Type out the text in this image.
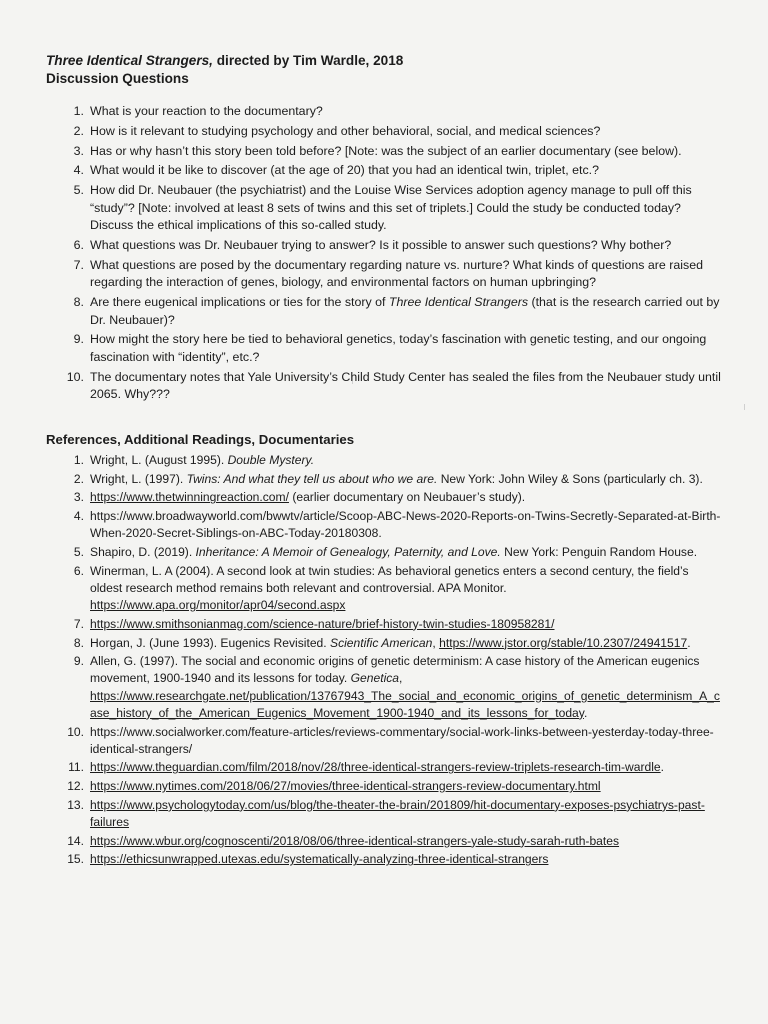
Three Identical Strangers, directed by Tim Wardle, 2018
Discussion Questions
1. What is your reaction to the documentary?
2. How is it relevant to studying psychology and other behavioral, social, and medical sciences?
3. Has or why hasn’t this story been told before? [Note: was the subject of an earlier documentary (see below).
4. What would it be like to discover (at the age of 20) that you had an identical twin, triplet, etc.?
5. How did Dr. Neubauer (the psychiatrist) and the Louise Wise Services adoption agency manage to pull off this “study”? [Note: involved at least 8 sets of twins and this set of triplets.] Could the study be conducted today? Discuss the ethical implications of this so-called study.
6. What questions was Dr. Neubauer trying to answer? Is it possible to answer such questions? Why bother?
7. What questions are posed by the documentary regarding nature vs. nurture? What kinds of questions are raised regarding the interaction of genes, biology, and environmental factors on human upbringing?
8. Are there eugenical implications or ties for the story of Three Identical Strangers (that is the research carried out by Dr. Neubauer)?
9. How might the story here be tied to behavioral genetics, today’s fascination with genetic testing, and our ongoing fascination with “identity”, etc.?
10. The documentary notes that Yale University’s Child Study Center has sealed the files from the Neubauer study until 2065. Why???
References, Additional Readings, Documentaries
1. Wright, L. (August 1995). Double Mystery.
2. Wright, L. (1997). Twins: And what they tell us about who we are. New York: John Wiley & Sons (particularly ch. 3).
3. https://www.thetwinningreaction.com/ (earlier documentary on Neubauer’s study).
4. https://www.broadwayworld.com/bwwtv/article/Scoop-ABC-News-2020-Reports-on-Twins-Secretly-Separated-at-Birth-When-2020-Secret-Siblings-on-ABC-Today-20180308.
5. Shapiro, D. (2019). Inheritance: A Memoir of Genealogy, Paternity, and Love. New York: Penguin Random House.
6. Winerman, L. A (2004). A second look at twin studies: As behavioral genetics enters a second century, the field’s oldest research method remains both relevant and controversial. APA Monitor. https://www.apa.org/monitor/apr04/second.aspx
7. https://www.smithsonianmag.com/science-nature/brief-history-twin-studies-180958281/
8. Horgan, J. (June 1993). Eugenics Revisited. Scientific American, https://www.jstor.org/stable/10.2307/24941517.
9. Allen, G. (1997). The social and economic origins of genetic determinism: A case history of the American eugenics movement, 1900-1940 and its lessons for today. Genetica, https://www.researchgate.net/publication/13767943_The_social_and_economic_origins_of_genetic_determinism_A_case_history_of_the_American_Eugenics_Movement_1900-1940_and_its_lessons_for_today.
10. https://www.socialworker.com/feature-articles/reviews-commentary/social-work-links-between-yesterday-today-three-identical-strangers/
11. https://www.theguardian.com/film/2018/nov/28/three-identical-strangers-review-triplets-research-tim-wardle.
12. https://www.nytimes.com/2018/06/27/movies/three-identical-strangers-review-documentary.html
13. https://www.psychologytoday.com/us/blog/the-theater-the-brain/201809/hit-documentary-exposes-psychiatrys-past-failures
14. https://www.wbur.org/cognoscenti/2018/08/06/three-identical-strangers-yale-study-sarah-ruth-bates
15. https://ethicsunwrapped.utexas.edu/systematically-analyzing-three-identical-strangers
